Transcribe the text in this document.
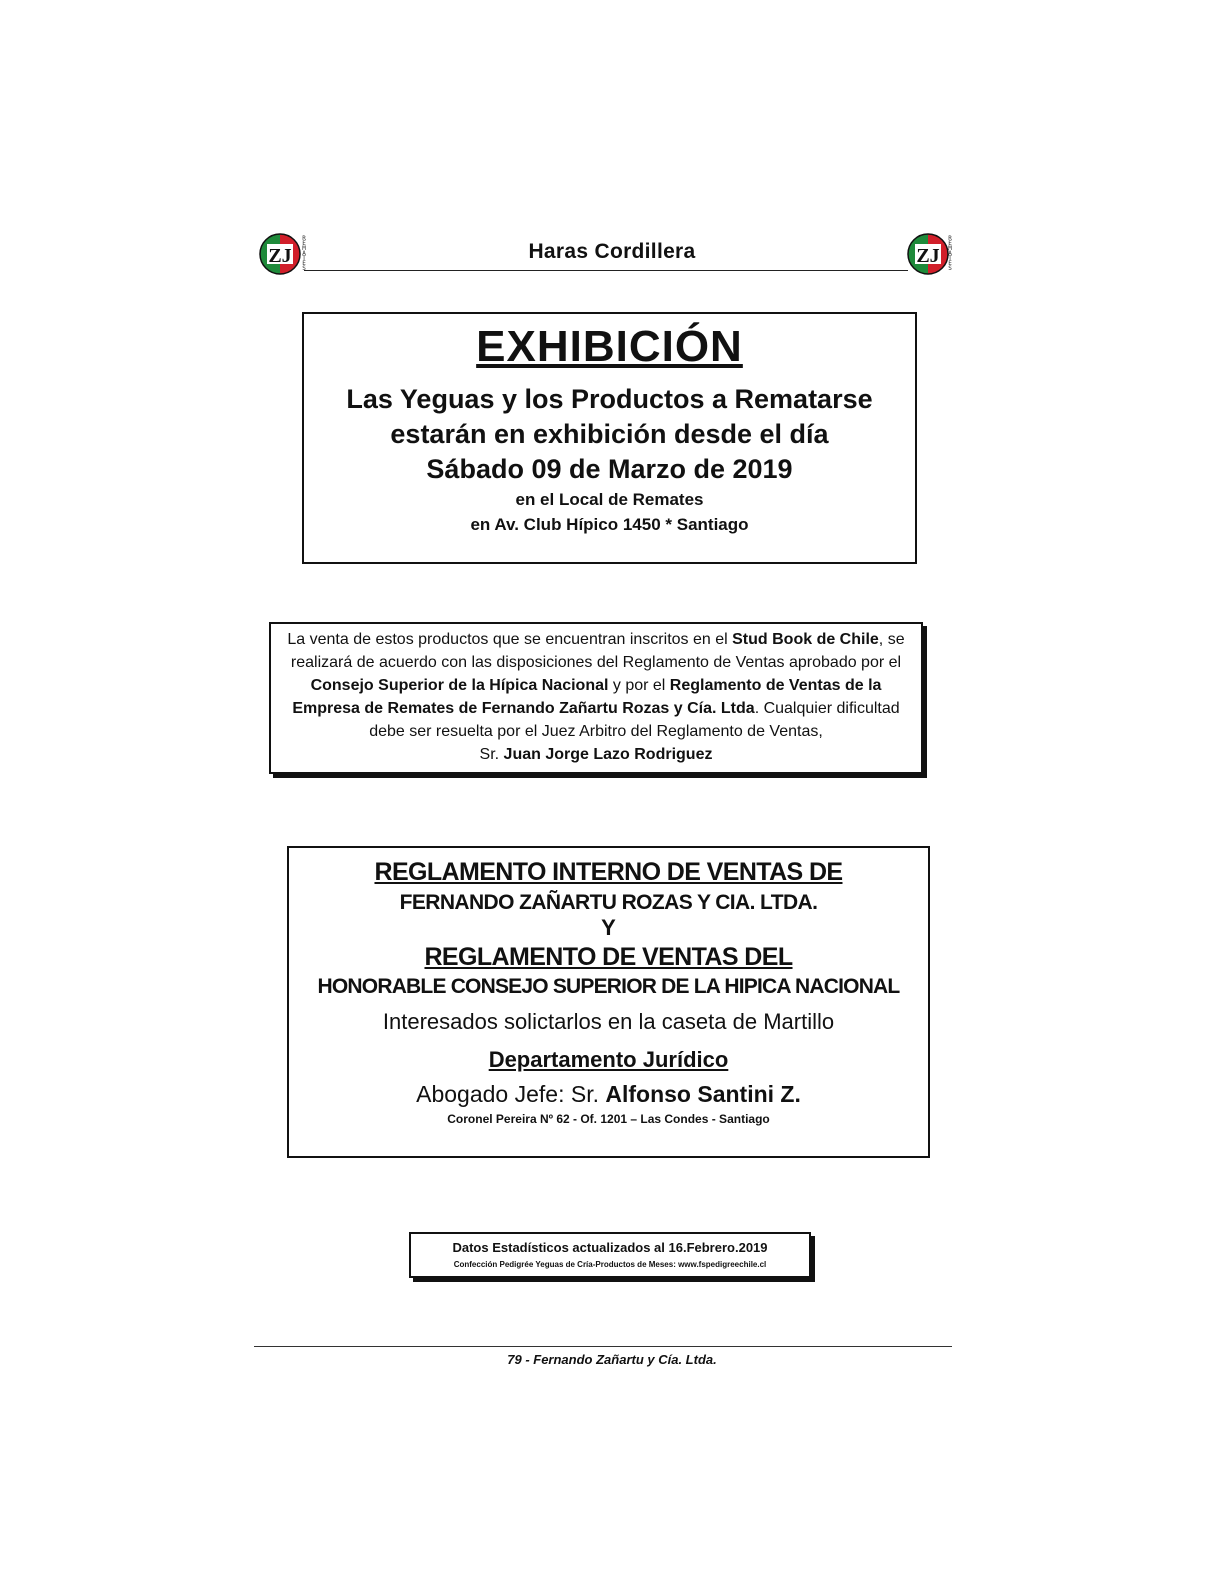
ZJ
R
E
M
A
T
E
S
ZJ
R
E
M
A
T
E
S
Haras Cordillera
EXHIBICIÓN
Las Yeguas y los Productos a Rematarse
estarán en exhibición desde el día
Sábado 09 de Marzo de 2019
en el Local de Remates
en Av. Club Hípico 1450 * Santiago
La venta de estos productos que se encuentran inscritos en el Stud Book de Chile, se realizará de acuerdo con las disposiciones del Reglamento de Ventas aprobado por el Consejo Superior de la Hípica Nacional y por el Reglamento de Ventas de la Empresa de Remates de Fernando Zañartu Rozas y Cía. Ltda. Cualquier dificultad debe ser resuelta por el Juez Arbitro del Reglamento de Ventas,
Sr. Juan Jorge Lazo Rodriguez
REGLAMENTO INTERNO DE VENTAS DE
FERNANDO ZAÑARTU ROZAS Y CIA. LTDA.
Y
REGLAMENTO DE VENTAS DEL
HONORABLE CONSEJO SUPERIOR DE LA HIPICA NACIONAL
Interesados solictarlos en la caseta de Martillo
Departamento Jurídico
Abogado Jefe: Sr. Alfonso Santini Z.
Coronel Pereira Nº 62 - Of. 1201 – Las Condes - Santiago
Datos Estadísticos actualizados al 16.Febrero.2019
Confección Pedigrée Yeguas de Cría-Productos de Meses: www.fspedigreechile.cl
79 - Fernando Zañartu y Cía. Ltda.
